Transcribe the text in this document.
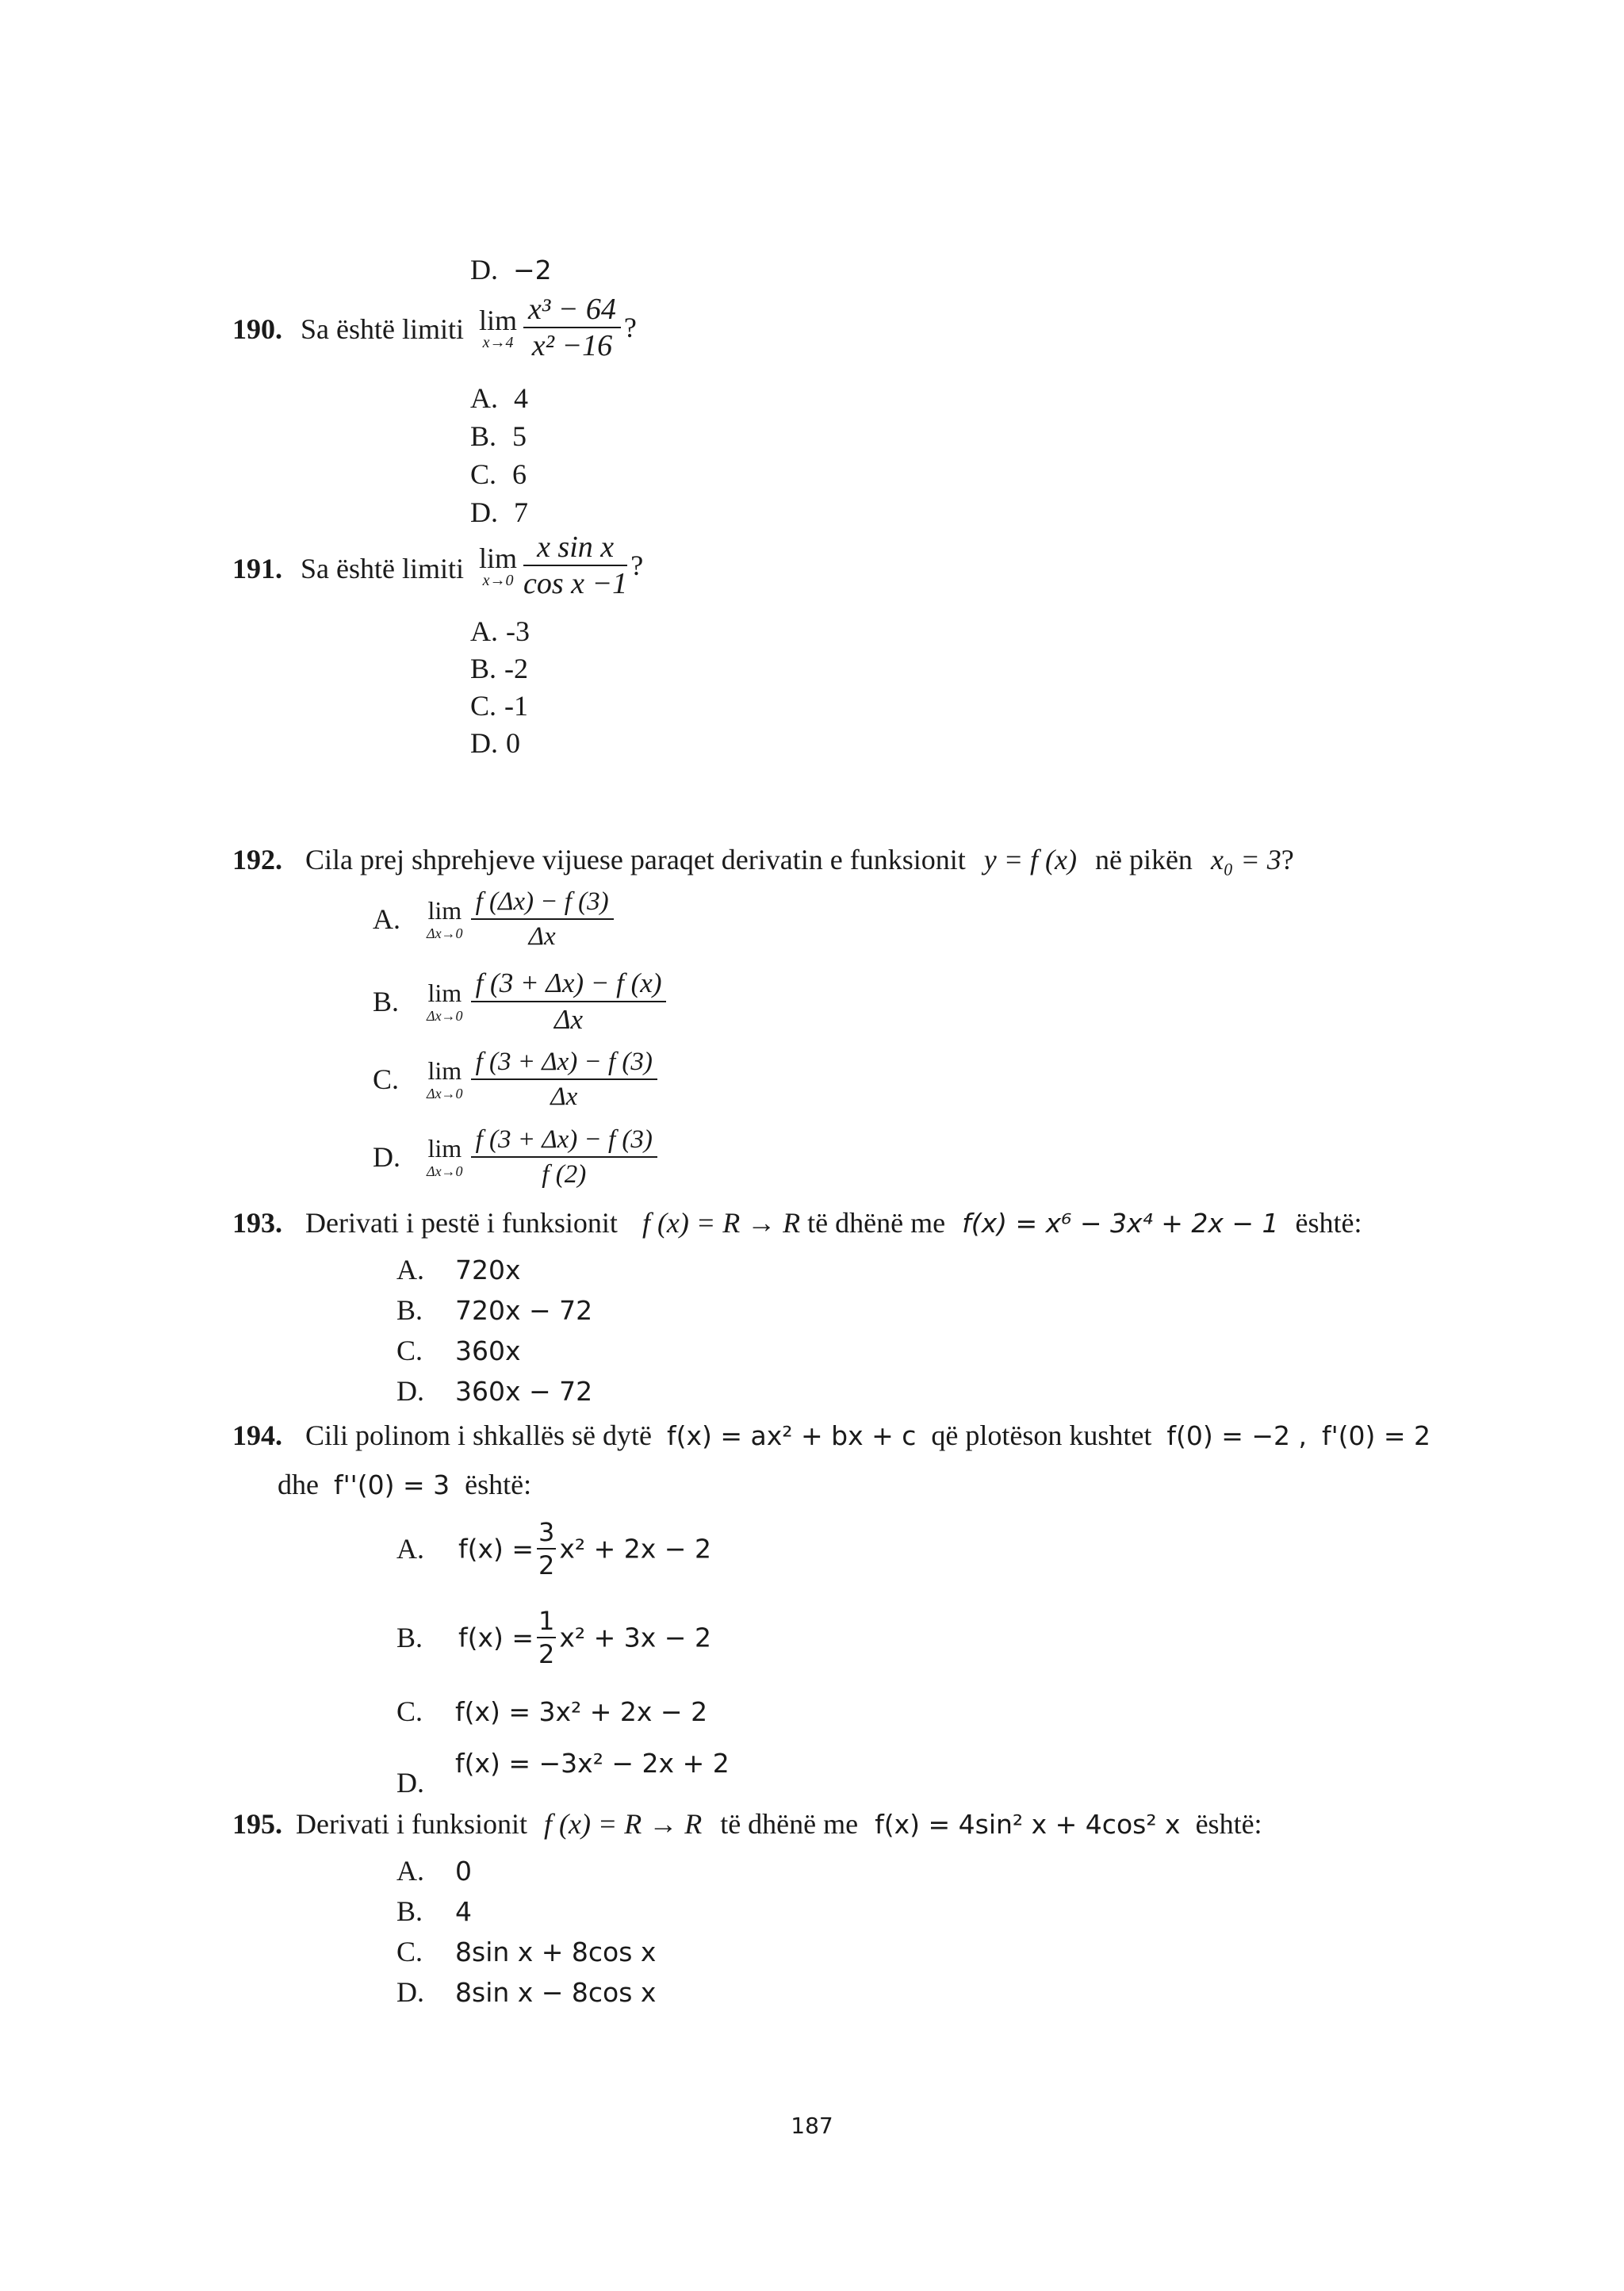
D. −2
190. Sa është limiti lim
x→4
$\frac{\text{x³ − 64}}{\text{x² −16}}$ ?
A. 4
B. 5
C. 6
D. 7
191. Sa është limiti lim
x→0
$\frac{\text{x sin x}}{\text{cos x −1}}$ ?
A. -3
B. -2
C. -1
D. 0
192. Cila prej shprehjeve vijuese paraqet derivatin e funksionit y = f (x) në pikën x₀ = 3?
A. lim
Δx→0
$\frac{f (\Delta x) - f (3)}{\Delta x}$
B. lim
Δx→0
$\frac{f (3 + \Delta x) - f (x)}{\Delta x}$
C. lim
Δx→0
$\frac{f (3 + \Delta x) - f (3)}{\Delta x}$
D. lim
Δx→0
$\frac{f (3 + \Delta x) - f (3)}{f (2)}$
193. Derivati i pestë i funksionit f (x) = R → R të dhënë me f(x) = x⁶ − 3x⁴ + 2x − 1 është:
A. 720x
B. 720x − 72
C. 360x
D. 360x − 72
194. Cili polinom i shkallës së dytë f(x) = ax² + bx + c që plotëson kushtet f(0) = −2 , f'(0) = 2
dhe f''(0) = 3 është:
A. $f(x) = \frac{3}{2} x^2 + 2x - 2$
B. $f(x) = \frac{1}{2} x^2 + 3x - 2$
C. f(x) = 3x² + 2x − 2
D.
f(x) = −3x² − 2x + 2
195. Derivati i funksionit f (x) = R → R të dhënë me f(x) = 4sin² x + 4cos² x është:
A. 0
B. 4
C. 8sin x + 8cos x
D. 8sin x − 8cos x
187
